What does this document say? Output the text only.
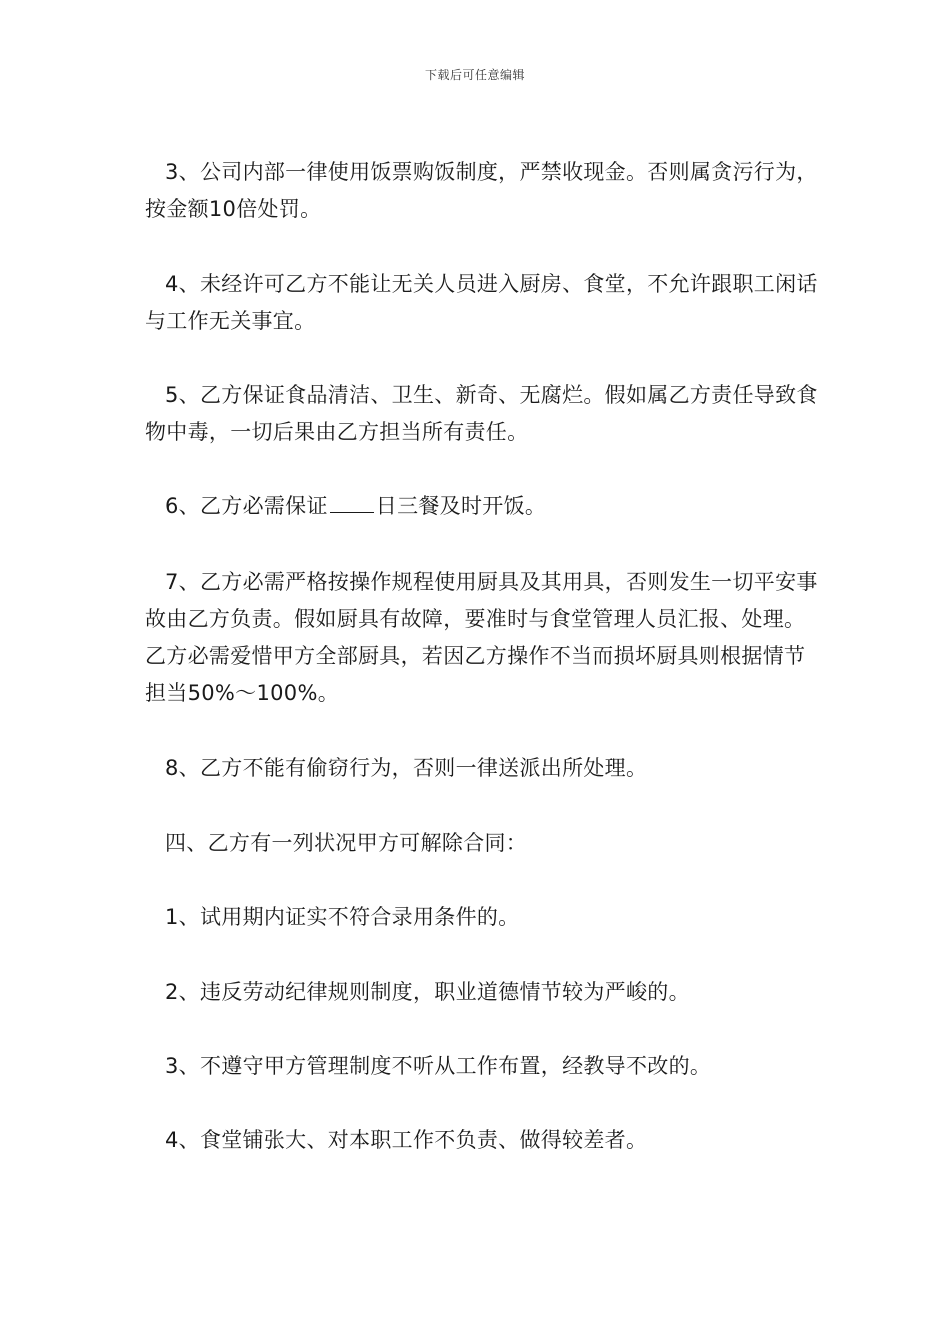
下载后可任意编辑

3、公司内部一律使用饭票购饭制度，严禁收现金。否则属贪污行为，按金额10倍处罚。

4、未经许可乙方不能让无关人员进入厨房、食堂，不允许跟职工闲话与工作无关事宜。

5、乙方保证食品清洁、卫生、新奇、无腐烂。假如属乙方责任导致食物中毒，一切后果由乙方担当所有责任。

6、乙方必需保证 日三餐及时开饭。

7、乙方必需严格按操作规程使用厨具及其用具，否则发生一切平安事故由乙方负责。假如厨具有故障，要准时与食堂管理人员汇报、处理。乙方必需爱惜甲方全部厨具，若因乙方操作不当而损坏厨具则根据情节担当50%～100%。

8、乙方不能有偷窃行为，否则一律送派出所处理。

四、乙方有一列状况甲方可解除合同：

1、试用期内证实不符合录用条件的。

2、违反劳动纪律规则制度，职业道德情节较为严峻的。

3、不遵守甲方管理制度不听从工作布置，经教导不改的。

4、食堂铺张大、对本职工作不负责、做得较差者。
